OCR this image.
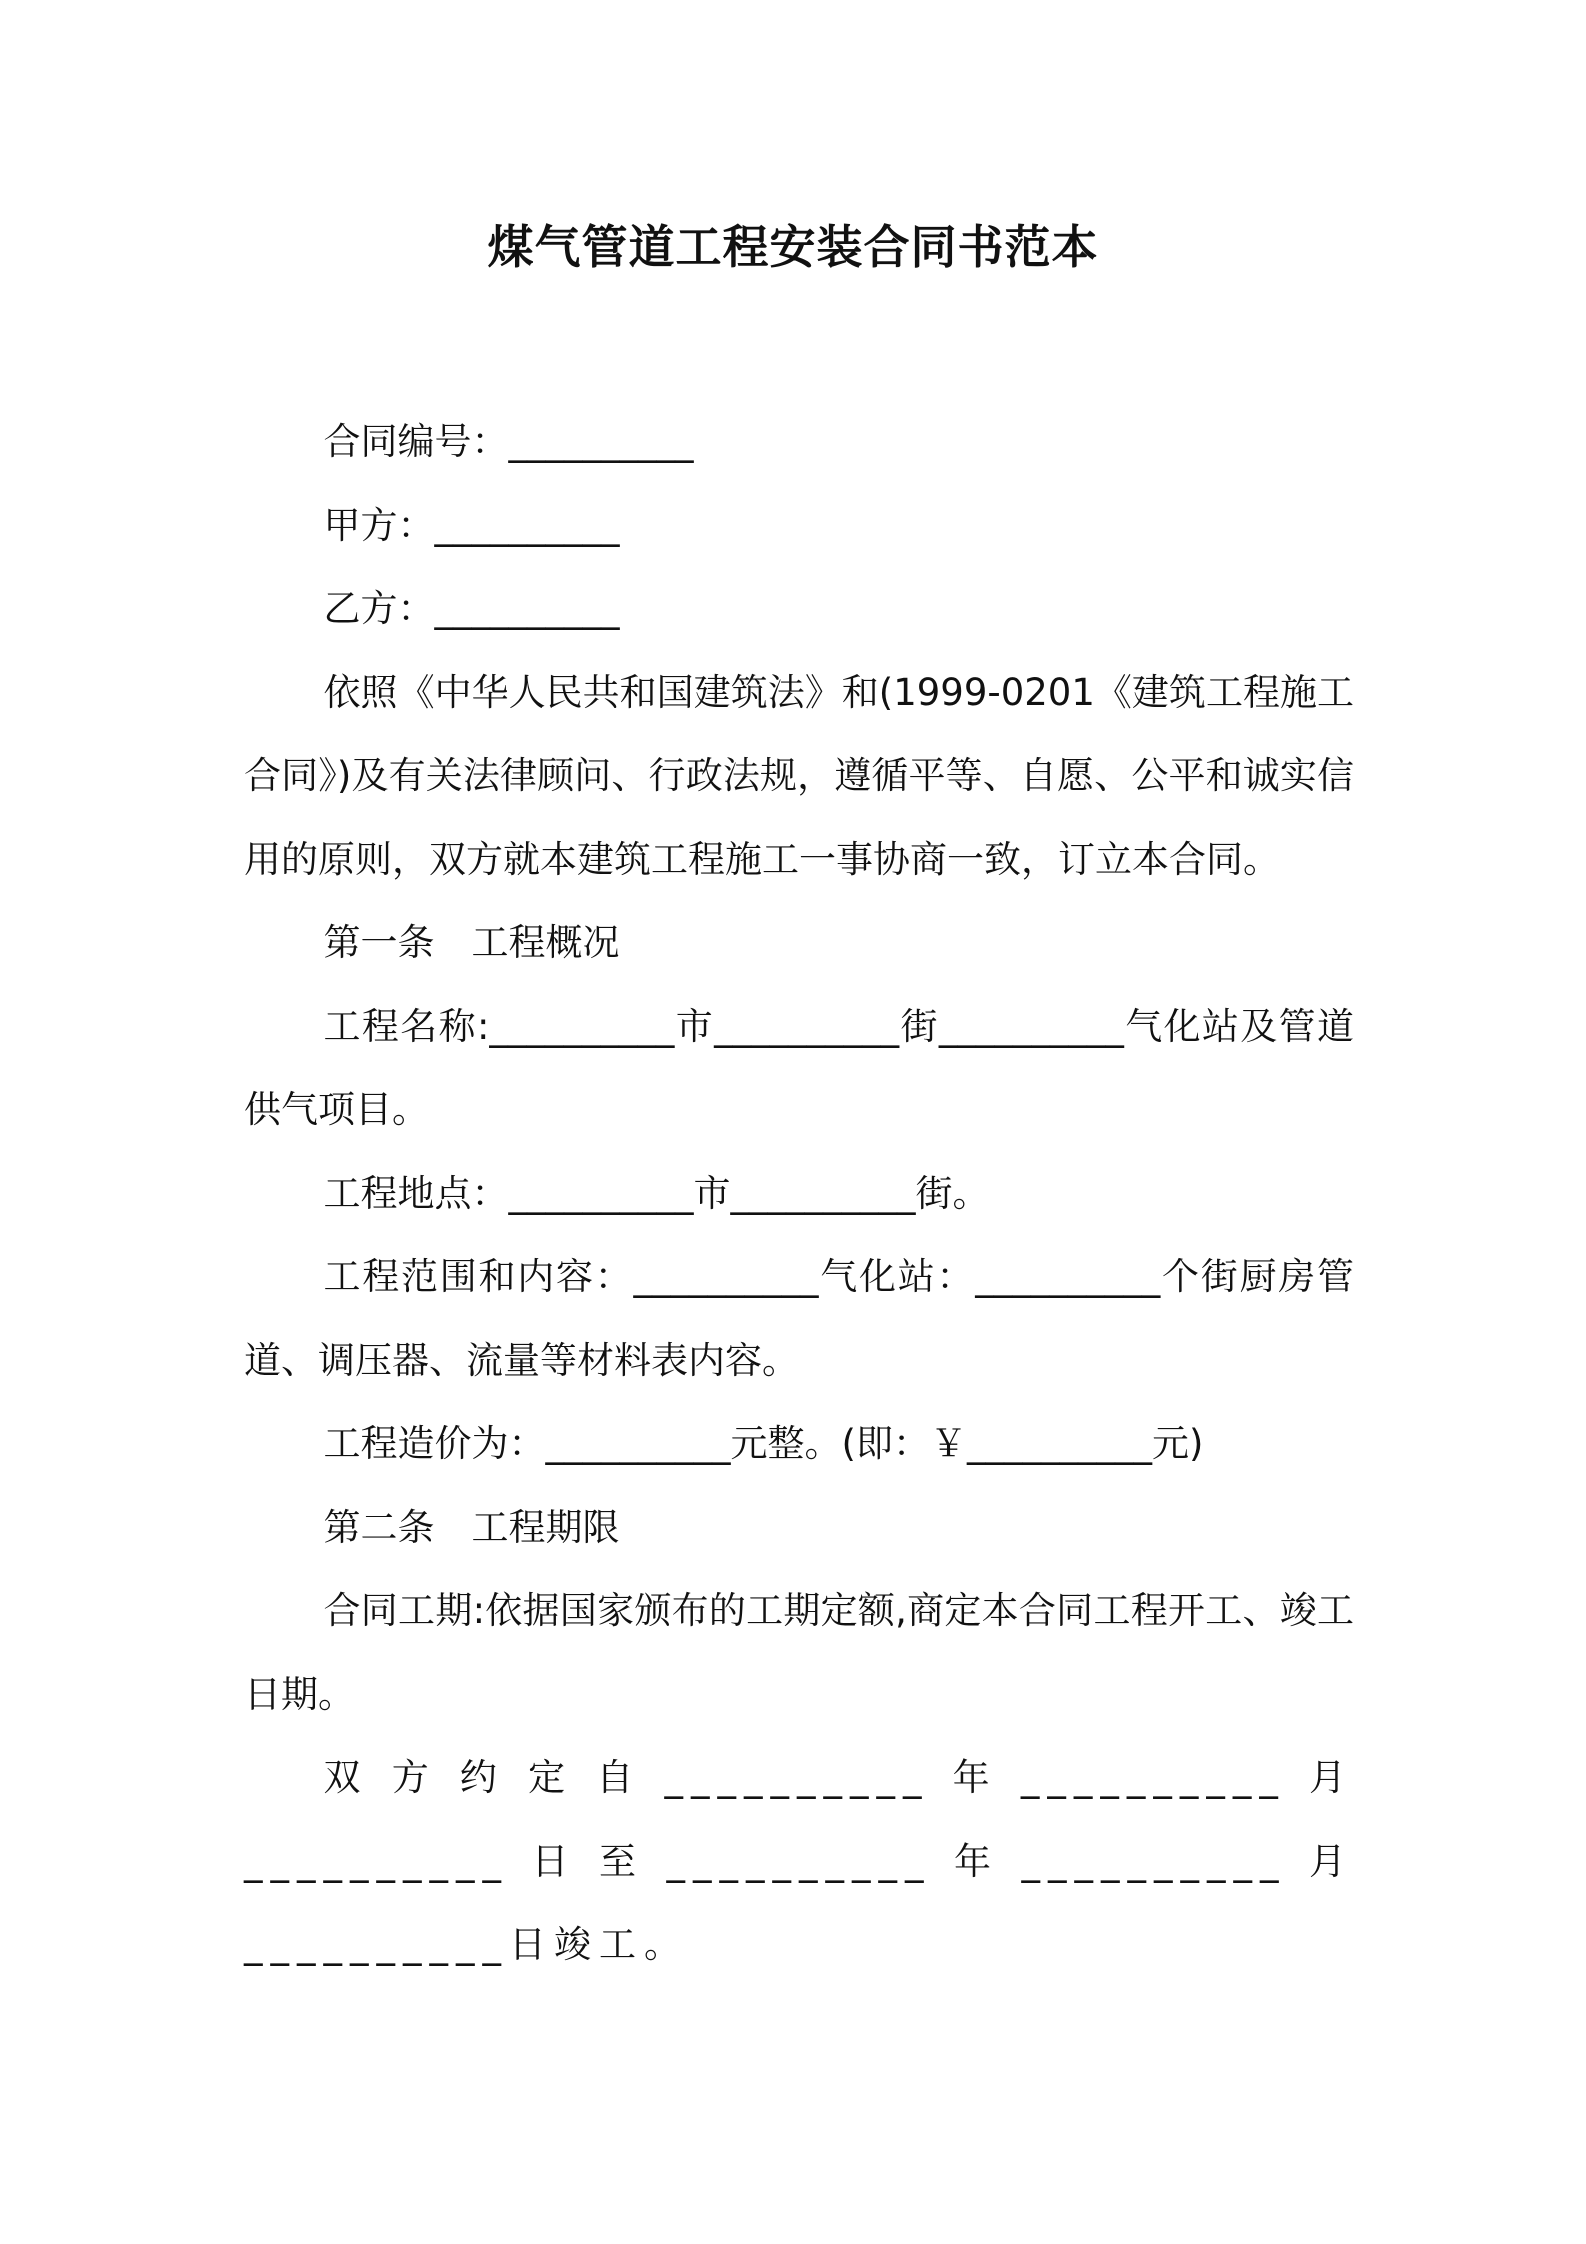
煤气管道工程安装合同书范本

合同编号：__________

甲方：__________

乙方：__________

依照《中华人民共和国建筑法》和(1999-0201《建筑工程施工合同》)及有关法律顾问、行政法规，遵循平等、自愿、公平和诚实信用的原则，双方就本建筑工程施工一事协商一致，订立本合同。

第一条　工程概况

工程名称:__________市__________街__________气化站及管道供气项目。

工程地点：__________市__________街。

工程范围和内容：__________气化站：__________个街厨房管道、调压器、流量等材料表内容。

工程造价为：__________元整。(即：￥__________元)

第二条　工程期限

合同工期:依据国家颁布的工期定额,商定本合同工程开工、竣工日期。

双方约定自__________年__________月__________日至__________年__________月__________日竣工。
